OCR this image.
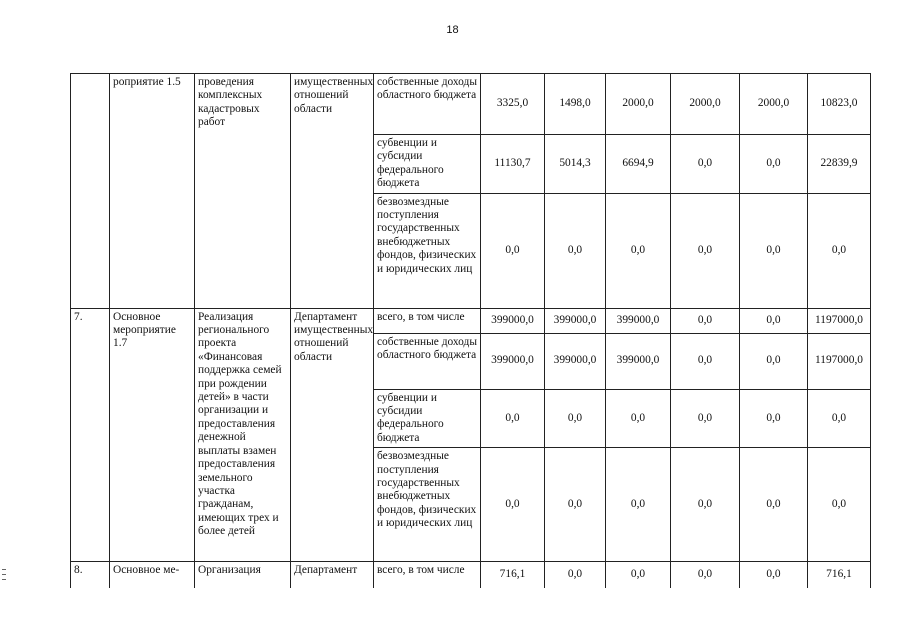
18
	роприятие 1.5	проведения комплексных кадастровых работ	имущественных отношений области	собственные доходы областного бюджета	3325,0	1498,0	2000,0	2000,0	2000,0	10823,0
				субвенции и субсидии федерального бюджета	11130,7	5014,3	6694,9	0,0	0,0	22839,9
				безвозмездные поступления государственных внебюджетных фондов, физических и юридических лиц	0,0	0,0	0,0	0,0	0,0	0,0
7.	Основное мероприятие 1.7	Реализация регионального проекта «Финансовая поддержка семей при рождении детей» в части организации и предоставления денежной выплаты взамен предоставления земельного участка гражданам, имеющих трех и более детей	Департамент имущественных отношений области	всего, в том числе	399000,0	399000,0	399000,0	0,0	0,0	1197000,0
				собственные доходы областного бюджета	399000,0	399000,0	399000,0	0,0	0,0	1197000,0
				субвенции и субсидии федерального бюджета	0,0	0,0	0,0	0,0	0,0	0,0
				безвозмездные поступления государственных внебюджетных фондов, физических и юридических лиц	0,0	0,0	0,0	0,0	0,0	0,0
8.	Основное ме-	Организация	Департамент	всего, в том числе	716,1	0,0	0,0	0,0	0,0	716,1
